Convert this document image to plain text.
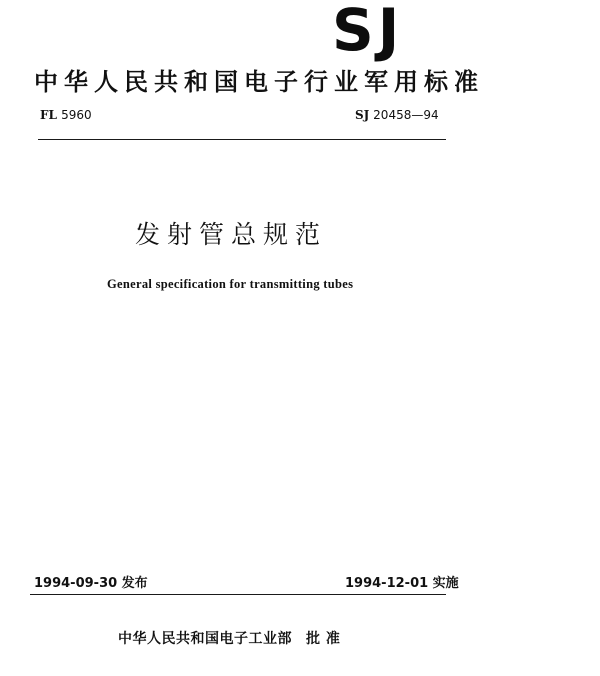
SJ
中华人民共和国电子行业军用标准
FL 5960	SJ 20458—94
发射管总规范
General specification for transmitting tubes
1994-09-30 发布	1994-12-01 实施
中华人民共和国电子工业部 批 准
